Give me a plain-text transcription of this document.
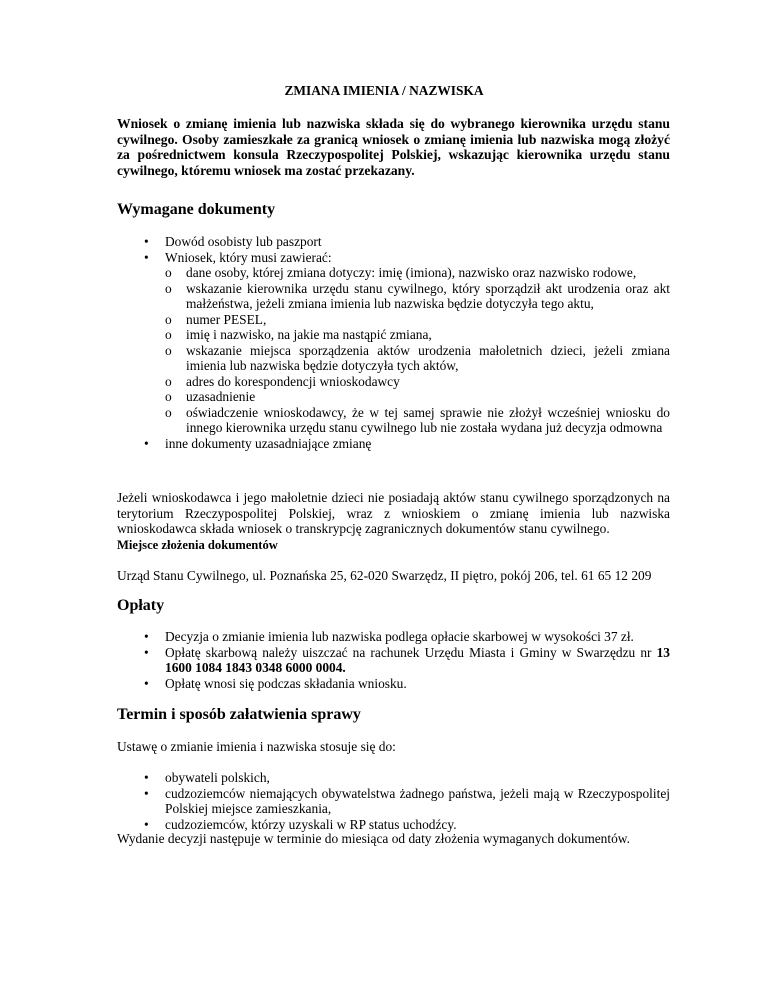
ZMIANA IMIENIA / NAZWISKA
Wniosek o zmianę imienia lub nazwiska składa się do wybranego kierownika urzędu stanu cywilnego. Osoby zamieszkałe za granicą wniosek o zmianę imienia lub nazwiska mogą złożyć za pośrednictwem konsula Rzeczypospolitej Polskiej, wskazując kierownika urzędu stanu cywilnego, któremu wniosek ma zostać przekazany.
Wymagane dokumenty
• Dowód osobisty lub paszport
• Wniosek, który musi zawierać:
o dane osoby, której zmiana dotyczy: imię (imiona), nazwisko oraz nazwisko rodowe,
o wskazanie kierownika urzędu stanu cywilnego, który sporządził akt urodzenia oraz akt małżeństwa, jeżeli zmiana imienia lub nazwiska będzie dotyczyła tego aktu,
o numer PESEL,
o imię i nazwisko, na jakie ma nastąpić zmiana,
o wskazanie miejsca sporządzenia aktów urodzenia małoletnich dzieci, jeżeli zmiana imienia lub nazwiska będzie dotyczyła tych aktów,
o adres do korespondencji wnioskodawcy
o uzasadnienie
o oświadczenie wnioskodawcy, że w tej samej sprawie nie złożył wcześniej wniosku do innego kierownika urzędu stanu cywilnego lub nie została wydana już decyzja odmowna
• inne dokumenty uzasadniające zmianę
Jeżeli wnioskodawca i jego małoletnie dzieci nie posiadają aktów stanu cywilnego sporządzonych na terytorium Rzeczypospolitej Polskiej, wraz z wnioskiem o zmianę imienia lub nazwiska wnioskodawca składa wniosek o transkrypcję zagranicznych dokumentów stanu cywilnego.
Miejsce złożenia dokumentów
Urząd Stanu Cywilnego, ul. Poznańska 25, 62-020 Swarzędz, II piętro, pokój 206, tel. 61 65 12 209
Opłaty
• Decyzja o zmianie imienia lub nazwiska podlega opłacie skarbowej w wysokości 37 zł.
• Opłatę skarbową należy uiszczać na rachunek Urzędu Miasta i Gminy w Swarzędzu nr 13 1600 1084 1843 0348 6000 0004.
• Opłatę wnosi się podczas składania wniosku.
Termin i sposób załatwienia sprawy
Ustawę o zmianie imienia i nazwiska stosuje się do:
• obywateli polskich,
• cudzoziemców niemających obywatelstwa żadnego państwa, jeżeli mają w Rzeczypospolitej Polskiej miejsce zamieszkania,
• cudzoziemców, którzy uzyskali w RP status uchodźcy.
Wydanie decyzji następuje w terminie do miesiąca od daty złożenia wymaganych dokumentów.
